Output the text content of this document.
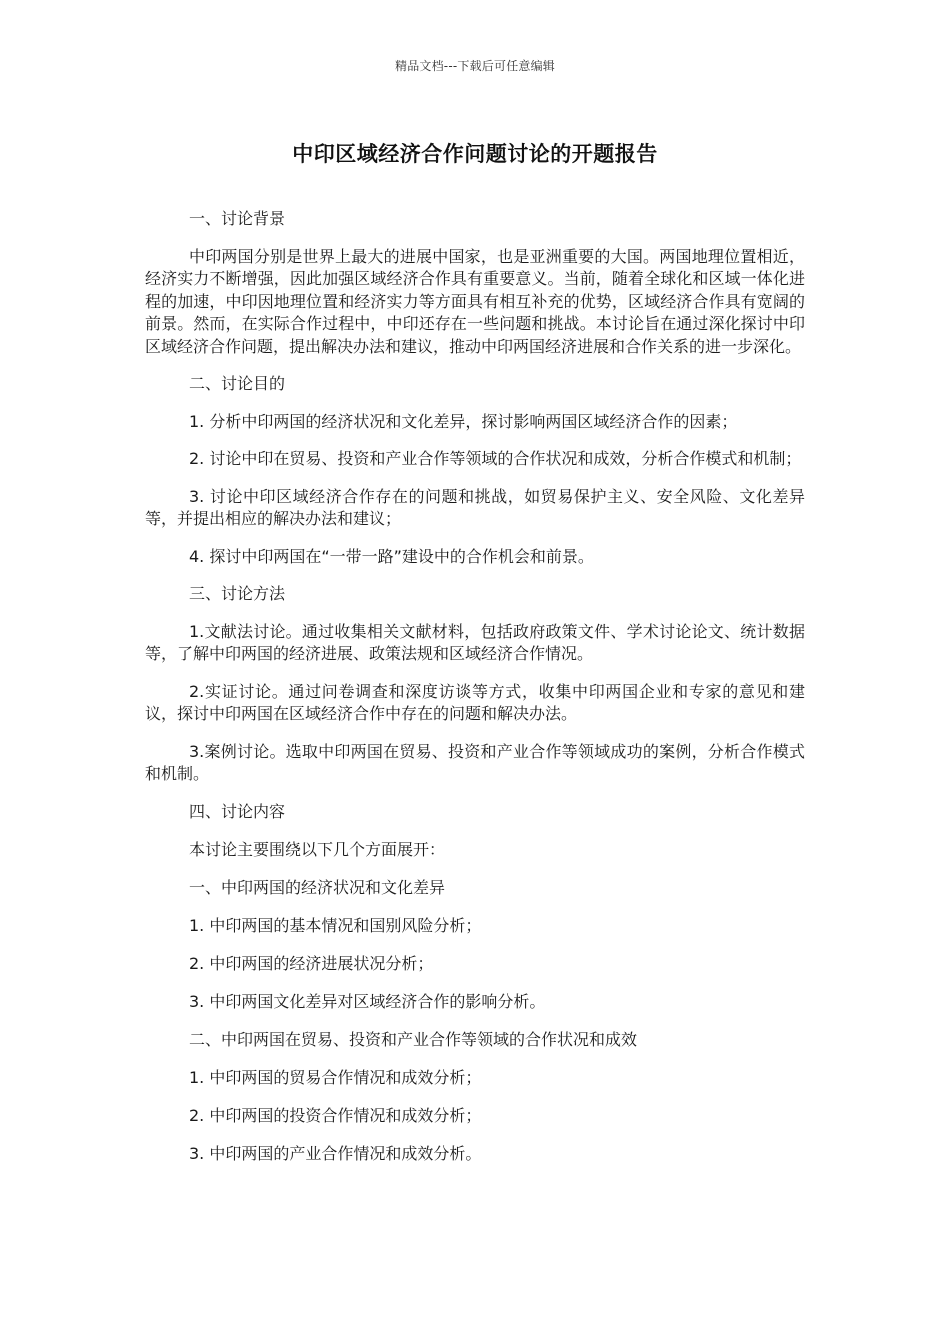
精品文档---下载后可任意编辑
中印区域经济合作问题讨论的开题报告

一、讨论背景

中印两国分别是世界上最大的进展中国家，也是亚洲重要的大国。两国地理位置相近，经济实力不断增强，因此加强区域经济合作具有重要意义。当前，随着全球化和区域一体化进程的加速，中印因地理位置和经济实力等方面具有相互补充的优势，区域经济合作具有宽阔的前景。然而，在实际合作过程中，中印还存在一些问题和挑战。本讨论旨在通过深化探讨中印区域经济合作问题，提出解决办法和建议，推动中印两国经济进展和合作关系的进一步深化。

二、讨论目的

1. 分析中印两国的经济状况和文化差异，探讨影响两国区域经济合作的因素；

2. 讨论中印在贸易、投资和产业合作等领域的合作状况和成效，分析合作模式和机制；

3. 讨论中印区域经济合作存在的问题和挑战，如贸易保护主义、安全风险、文化差异等，并提出相应的解决办法和建议；

4. 探讨中印两国在“一带一路”建设中的合作机会和前景。

三、讨论方法

1.文献法讨论。通过收集相关文献材料，包括政府政策文件、学术讨论论文、统计数据等，了解中印两国的经济进展、政策法规和区域经济合作情况。

2.实证讨论。通过问卷调查和深度访谈等方式，收集中印两国企业和专家的意见和建议，探讨中印两国在区域经济合作中存在的问题和解决办法。

3.案例讨论。选取中印两国在贸易、投资和产业合作等领域成功的案例，分析合作模式和机制。

四、讨论内容

本讨论主要围绕以下几个方面展开：

一、中印两国的经济状况和文化差异

1. 中印两国的基本情况和国别风险分析；

2. 中印两国的经济进展状况分析；

3. 中印两国文化差异对区域经济合作的影响分析。

二、中印两国在贸易、投资和产业合作等领域的合作状况和成效

1. 中印两国的贸易合作情况和成效分析；

2. 中印两国的投资合作情况和成效分析；

3. 中印两国的产业合作情况和成效分析。
